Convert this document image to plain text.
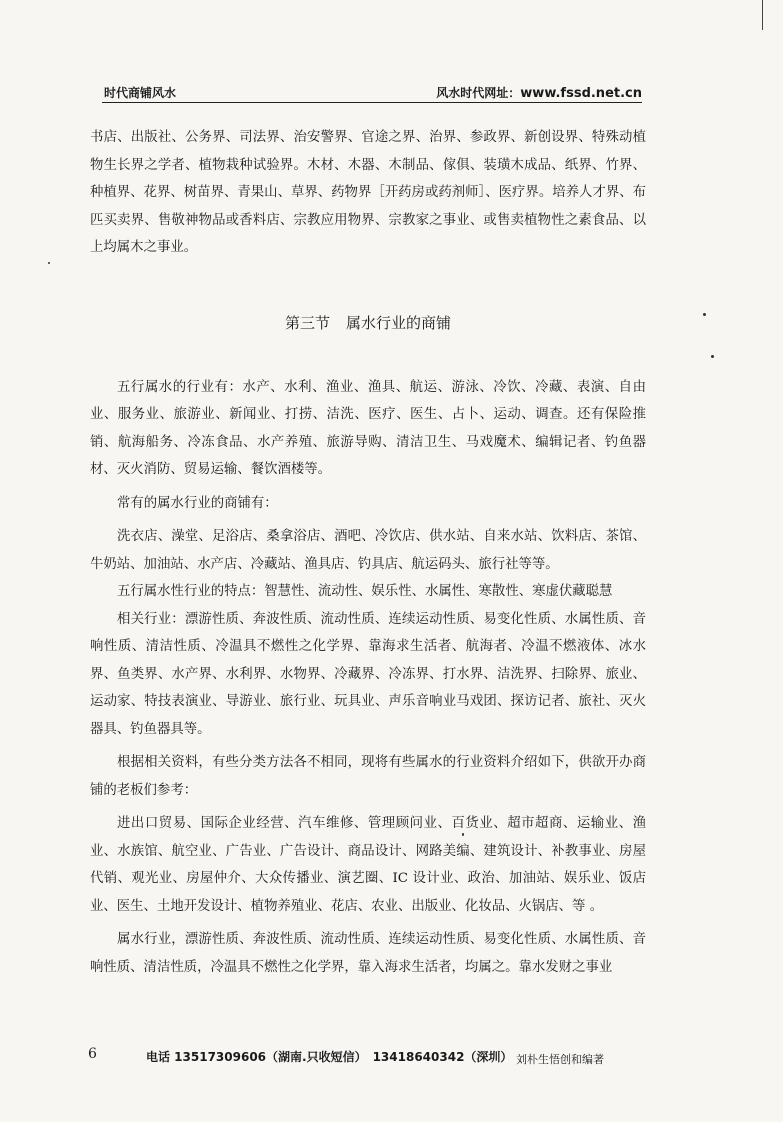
时代商铺风水	风水时代网址：www.fssd.net.cn

书店、出版社、公务界、司法界、治安警界、官途之界、治界、参政界、新创设界、特殊动植物生长界之学者、植物栽种试验界。木材、木器、木制品、傢俱、装璜木成品、纸界、竹界、种植界、花界、树苗界、青果山、草界、药物界［开药房或药剂师］、医疗界。培养人才界、布匹买卖界、售敬神物品或香料店、宗教应用物界、宗教家之事业、或售卖植物性之素食品、以上均属木之事业。

第三节 属水行业的商铺

五行属水的行业有：水产、水利、渔业、渔具、航运、游泳、冷饮、冷藏、表演、自由业、服务业、旅游业、新闻业、打捞、洁洗、医疗、医生、占卜、运动、调查。还有保险推销、航海船务、冷冻食品、水产养殖、旅游导购、清洁卫生、马戏魔术、编辑记者、钓鱼器材、灭火消防、贸易运输、餐饮酒楼等。

常有的属水行业的商铺有：

洗衣店、澡堂、足浴店、桑拿浴店、酒吧、冷饮店、供水站、自来水站、饮料店、茶馆、牛奶站、加油站、水产店、冷藏站、渔具店、钓具店、航运码头、旅行社等等。

五行属水性行业的特点：智慧性、流动性、娱乐性、水属性、寒散性、寒虚伏藏聪慧

相关行业：漂游性质、奔波性质、流动性质、连续运动性质、易变化性质、水属性质、音响性质、清洁性质、冷温具不燃性之化学界、靠海求生活者、航海者、冷温不燃液体、冰水界、鱼类界、水产界、水利界、水物界、冷藏界、冷冻界、打水界、洁洗界、扫除界、旅业、运动家、特技表演业、导游业、旅行业、玩具业、声乐音响业马戏团、探访记者、旅社、灭火器具、钓鱼器具等。

根据相关资料，有些分类方法各不相同，现将有些属水的行业资料介绍如下，供欲开办商铺的老板们参考：

进出口贸易、国际企业经营、汽车维修、管理顾问业、百货业、超市超商、运输业、渔业、水族馆、航空业、广告业、广告设计、商品设计、网路美编、建筑设计、补教事业、房屋代销、观光业、房屋仲介、大众传播业、演艺圈、IC 设计业、政治、加油站、娱乐业、饭店业、医生、土地开发设计、植物养殖业、花店、农业、出版业、化妆品、火锅店、等 。

属水行业，漂游性质、奔波性质、流动性质、连续运动性质、易变化性质、水属性质、音响性质、清洁性质，冷温具不燃性之化学界，靠入海求生活者，均属之。靠水发财之事业

6	电话 13517309606（湖南.只收短信）　13418640342（深圳） 刘朴生悟创和编著
